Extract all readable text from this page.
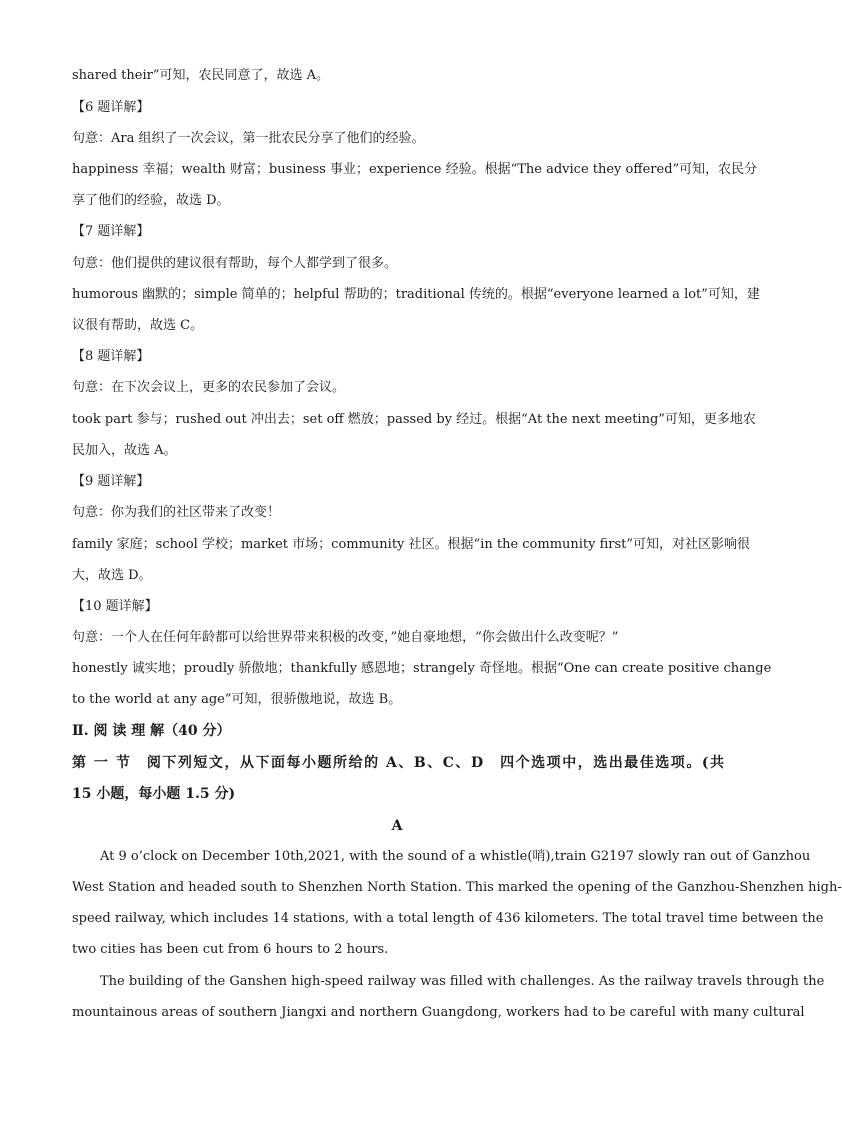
shared their”可知，农民同意了，故选 A。

【6 题详解】

句意：Ara 组织了一次会议，第一批农民分享了他们的经验。

happiness 幸福；wealth 财富；business 事业；experience 经验。根据“The advice they offered”可知，农民分

享了他们的经验，故选 D。

【7 题详解】

句意：他们提供的建议很有帮助，每个人都学到了很多。

humorous 幽默的；simple 简单的；helpful 帮助的；traditional 传统的。根据“everyone learned a lot”可知，建

议很有帮助，故选 C。

【8 题详解】

句意：在下次会议上，更多的农民参加了会议。

took part 参与；rushed out 冲出去；set off 燃放；passed by 经过。根据“At the next meeting”可知，更多地农

民加入，故选 A。

【9 题详解】

句意：你为我们的社区带来了改变！

family 家庭；school 学校；market 市场；community 社区。根据“in the community first”可知，对社区影响很

大，故选 D。

【10 题详解】

句意：一个人在任何年龄都可以给世界带来积极的改变，”她自豪地想，“你会做出什么改变呢？”

honestly 诚实地；proudly 骄傲地；thankfully 感恩地；strangely 奇怪地。根据“One can create positive change

to the world at any age”可知，很骄傲地说，故选 B。

Ⅱ. 阅 读 理 解（40 分）

第 一 节　阅下列短文，从下面每小题所给的 A、B、C、D　四个选项中，选出最佳选项。(共

15 小题，每小题 1.5 分)

A

At 9 o’clock on December 10th,2021, with the sound of a whistle(哨),train G2197 slowly ran out of Ganzhou

West Station and headed south to Shenzhen North Station. This marked the opening of the Ganzhou-Shenzhen high-

speed railway, which includes 14 stations, with a total length of 436 kilometers. The total travel time between the

two cities has been cut from 6 hours to 2 hours.

The building of the Ganshen high-speed railway was filled with challenges. As the railway travels through the

mountainous areas of southern Jiangxi and northern Guangdong, workers had to be careful with many cultural
